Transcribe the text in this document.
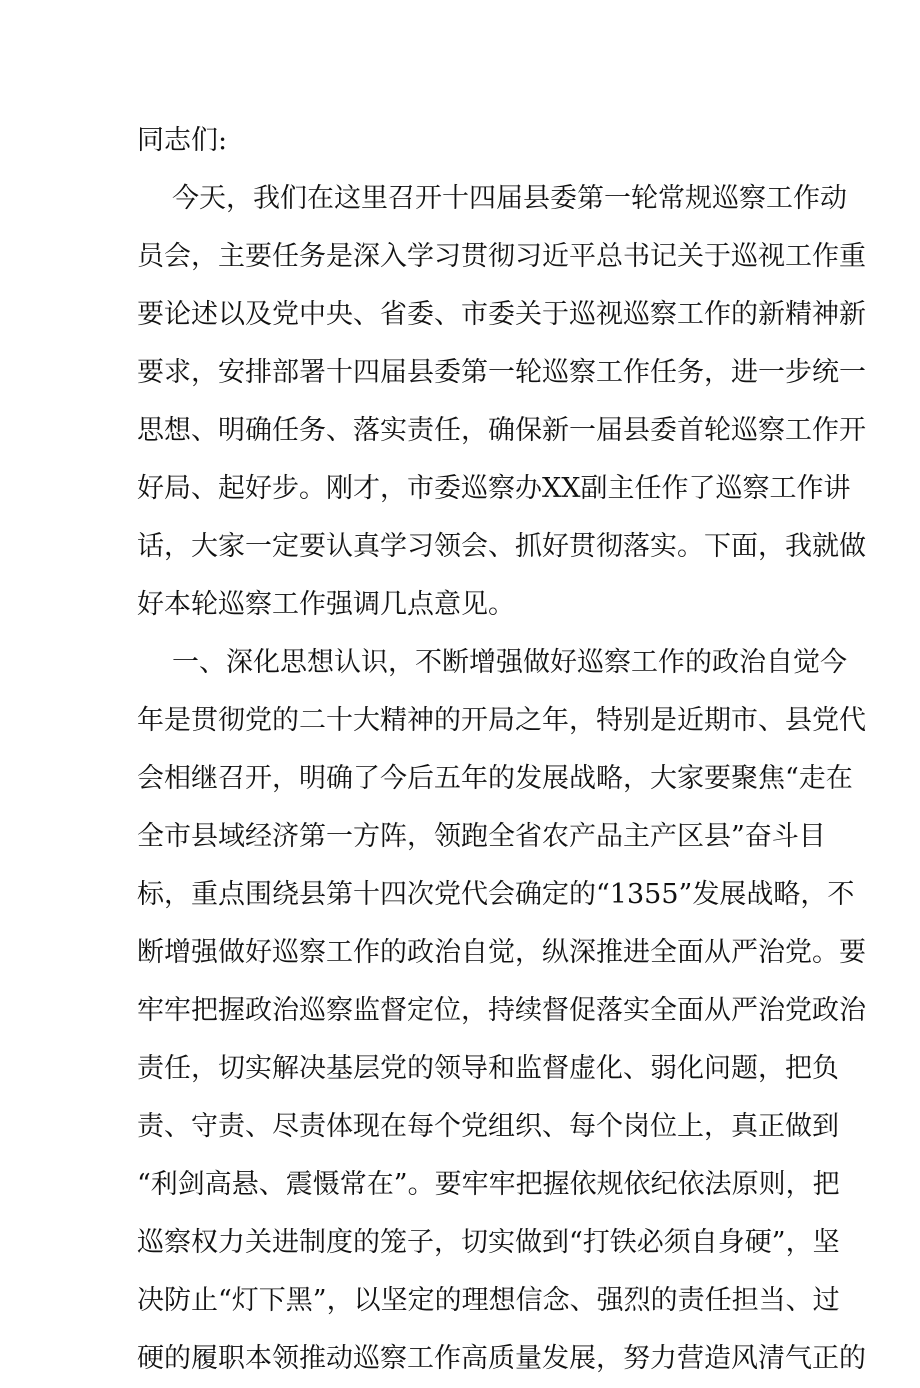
同志们:
今天，我们在这里召开十四届县委第一轮常规巡察工作动
员会，主要任务是深入学习贯彻习近平总书记关于巡视工作重
要论述以及党中央、省委、市委关于巡视巡察工作的新精神新
要求，安排部署十四届县委第一轮巡察工作任务，进一步统一
思想、明确任务、落实责任，确保新一届县委首轮巡察工作开
好局、起好步。刚才，市委巡察办XX副主任作了巡察工作讲
话，大家一定要认真学习领会、抓好贯彻落实。下面，我就做
好本轮巡察工作强调几点意见。
一、深化思想认识，不断增强做好巡察工作的政治自觉今
年是贯彻党的二十大精神的开局之年，特别是近期市、县党代
会相继召开，明确了今后五年的发展战略，大家要聚焦“走在
全市县域经济第一方阵，领跑全省农产品主产区县”奋斗目
标，重点围绕县第十四次党代会确定的“1355”发展战略，不
断增强做好巡察工作的政治自觉，纵深推进全面从严治党。要
牢牢把握政治巡察监督定位，持续督促落实全面从严治党政治
责任，切实解决基层党的领导和监督虚化、弱化问题，把负
责、守责、尽责体现在每个党组织、每个岗位上，真正做到
“利剑高悬、震慑常在”。要牢牢把握依规依纪依法原则，把
巡察权力关进制度的笼子，切实做到“打铁必须自身硬”，坚
决防止“灯下黑”，以坚定的理想信念、强烈的责任担当、过
硬的履职本领推动巡察工作高质量发展，努力营造风清气正的
